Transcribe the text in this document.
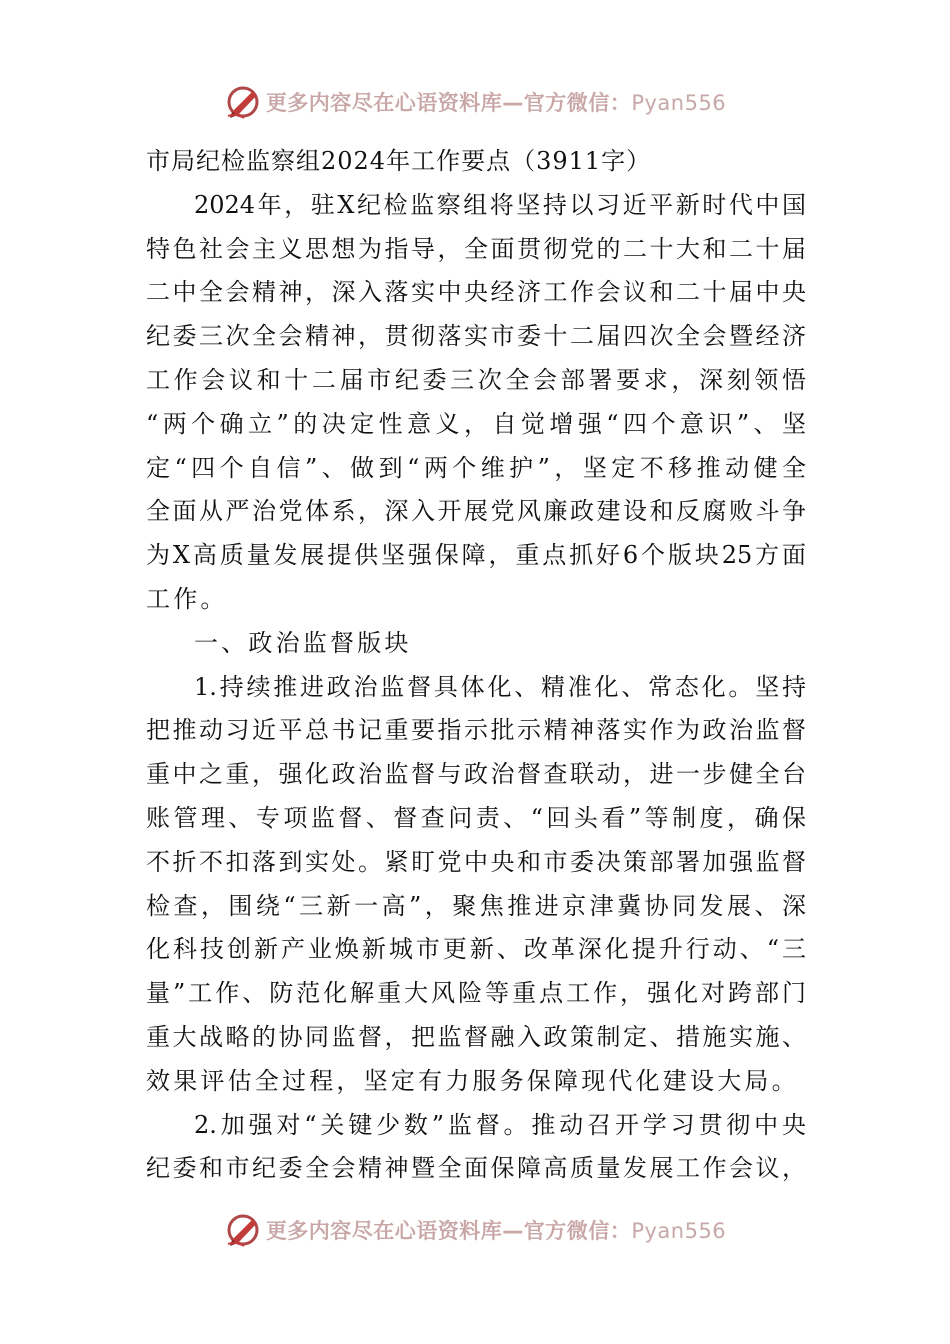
更多内容尽在心语资料库—官方微信：Pyan556
市局纪检监察组2024年工作要点（3911字）
2024年，驻X纪检监察组将坚持以习近平新时代中国
特色社会主义思想为指导，全面贯彻党的二十大和二十届
二中全会精神，深入落实中央经济工作会议和二十届中央
纪委三次全会精神，贯彻落实市委十二届四次全会暨经济
工作会议和十二届市纪委三次全会部署要求，深刻领悟
“两个确立”的决定性意义，自觉增强“四个意识”、坚
定“四个自信”、做到“两个维护”，坚定不移推动健全
全面从严治党体系，深入开展党风廉政建设和反腐败斗争
为X高质量发展提供坚强保障，重点抓好6个版块25方面
工作。
一、政治监督版块
1.持续推进政治监督具体化、精准化、常态化。坚持
把推动习近平总书记重要指示批示精神落实作为政治监督
重中之重，强化政治监督与政治督查联动，进一步健全台
账管理、专项监督、督查问责、“回头看”等制度，确保
不折不扣落到实处。紧盯党中央和市委决策部署加强监督
检查，围绕“三新一高”，聚焦推进京津冀协同发展、深
化科技创新产业焕新城市更新、改革深化提升行动、“三
量”工作、防范化解重大风险等重点工作，强化对跨部门
重大战略的协同监督，把监督融入政策制定、措施实施、
效果评估全过程，坚定有力服务保障现代化建设大局。
2.加强对“关键少数”监督。推动召开学习贯彻中央
纪委和市纪委全会精神暨全面保障高质量发展工作会议，
更多内容尽在心语资料库—官方微信：Pyan556
